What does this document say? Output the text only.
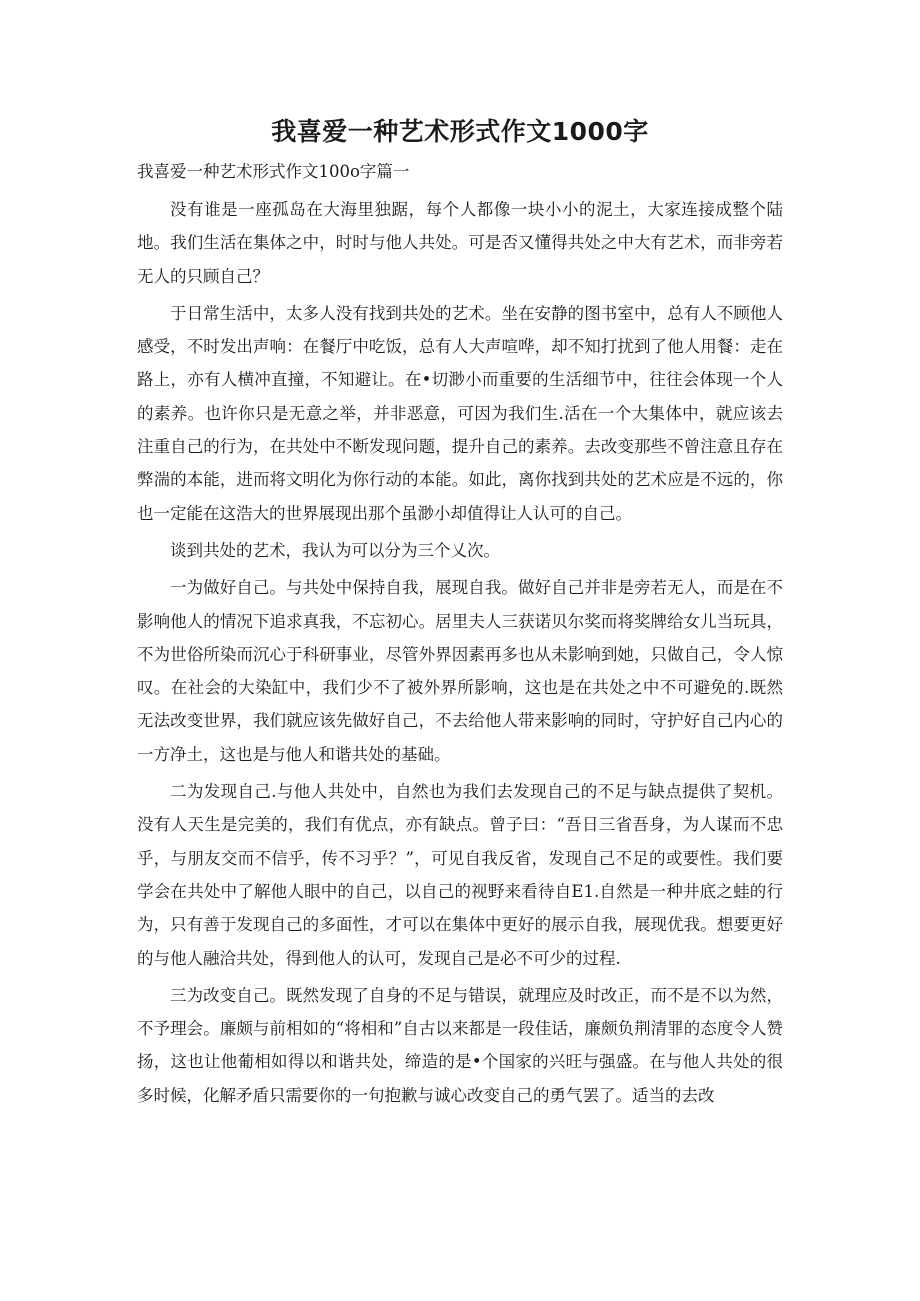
我喜爱一种艺术形式作文1000字
我喜爱一种艺术形式作文100o字篇一

没有谁是一座孤岛在大海里独踞，每个人都像一块小小的泥土，大家连接成整个陆地。我们生活在集体之中，时时与他人共处。可是否又懂得共处之中大有艺术，而非旁若无人的只顾自己？

于日常生活中，太多人没有找到共处的艺术。坐在安静的图书室中，总有人不顾他人感受，不时发出声响：在餐厅中吃饭，总有人大声喧哗，却不知打扰到了他人用餐：走在路上，亦有人横冲直撞，不知避让。在•切渺小而重要的生活细节中，往往会体现一个人的素养。也许你只是无意之举，并非恶意，可因为我们生.活在一个大集体中，就应该去注重自己的行为，在共处中不断发现问题，提升自己的素养。去改变那些不曾注意且存在弊湍的本能，进而将文明化为你行动的本能。如此，离你找到共处的艺术应是不远的，你也一定能在这浩大的世界展现出那个虽渺小却值得让人认可的自己。

谈到共处的艺术，我认为可以分为三个乂次。

一为做好自己。与共处中保持自我，展现自我。做好自己并非是旁若无人，而是在不影响他人的情况下追求真我，不忘初心。居里夫人三获诺贝尔奖而将奖牌给女儿当玩具，不为世俗所染而沉心于科研事业，尽管外界因素再多也从未影响到她，只做自己，令人惊叹。在社会的大染缸中，我们少不了被外界所影响，这也是在共处之中不可避免的.既然无法改变世界，我们就应该先做好自己，不去给他人带来影响的同时，守护好自己内心的一方净土，这也是与他人和谐共处的基础。

二为发现自己.与他人共处中，自然也为我们去发现自己的不足与缺点提供了契机。没有人天生是完美的，我们有优点，亦有缺点。曾子曰：“吾日三省吾身，为人谋而不忠乎，与朋友交而不信乎，传不习乎？”，可见自我反省，发现自己不足的或要性。我们要学会在共处中了解他人眼中的自己，以自己的视野来看待自E1.自然是一种井底之蛙的行为，只有善于发现自己的多面性，才可以在集体中更好的展示自我，展现优我。想要更好的与他人融洽共处，得到他人的认可，发现自己是必不可少的过程.

三为改变自己。既然发现了自身的不足与错误，就理应及时改正，而不是不以为然，不予理会。廉颇与前相如的“将相和”自古以来都是一段佳话，廉颇负荆清罪的态度令人赞扬，这也让他葡相如得以和谐共处，缔造的是•个国家的兴旺与强盛。在与他人共处的很多时候，化解矛盾只需要你的一句抱歉与诚心改变自己的勇气罢了。适当的去改
